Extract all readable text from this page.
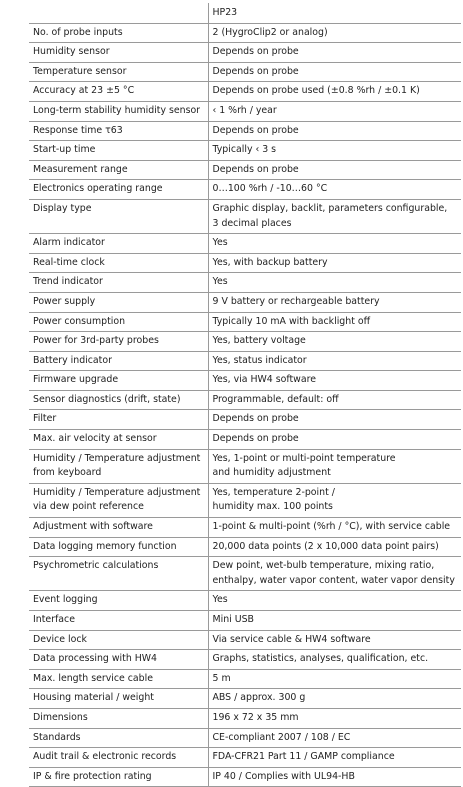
	HP23
No. of probe inputs	2 (HygroClip2 or analog)
Humidity sensor	Depends on probe
Temperature sensor	Depends on probe
Accuracy at 23 ±5 °C	Depends on probe used (±0.8 %rh / ±0.1 K)
Long-term stability humidity sensor	‹ 1 %rh / year
Response time τ63	Depends on probe
Start-up time	Typically ‹ 3 s
Measurement range	Depends on probe
Electronics operating range	0…100 %rh / -10…60 °C
Display type	Graphic display, backlit, parameters configurable,
3 decimal places
Alarm indicator	Yes
Real-time clock	Yes, with backup battery
Trend indicator	Yes
Power supply	9 V battery or rechargeable battery
Power consumption	Typically 10 mA with backlight off
Power for 3rd-party probes	Yes, battery voltage
Battery indicator	Yes, status indicator
Firmware upgrade	Yes, via HW4 software
Sensor diagnostics (drift, state)	Programmable, default: off
Filter	Depends on probe
Max. air velocity at sensor	Depends on probe
Humidity / Temperature adjustment
from keyboard	Yes, 1-point or multi-point temperature
and humidity adjustment
Humidity / Temperature adjustment
via dew point reference	Yes, temperature 2-point /
humidity max. 100 points
Adjustment with software	1-point & multi-point (%rh / °C), with service cable
Data logging memory function	20,000 data points (2 x 10,000 data point pairs)
Psychrometric calculations	Dew point, wet-bulb temperature, mixing ratio,
enthalpy, water vapor content, water vapor density
Event logging	Yes
Interface	Mini USB
Device lock	Via service cable & HW4 software
Data processing with HW4	Graphs, statistics, analyses, qualification, etc.
Max. length service cable	5 m
Housing material / weight	ABS / approx. 300 g
Dimensions	196 x 72 x 35 mm
Standards	CE-compliant 2007 / 108 / EC
Audit trail & electronic records	FDA-CFR21 Part 11 / GAMP compliance
IP & fire protection rating	IP 40 / Complies with UL94-HB
